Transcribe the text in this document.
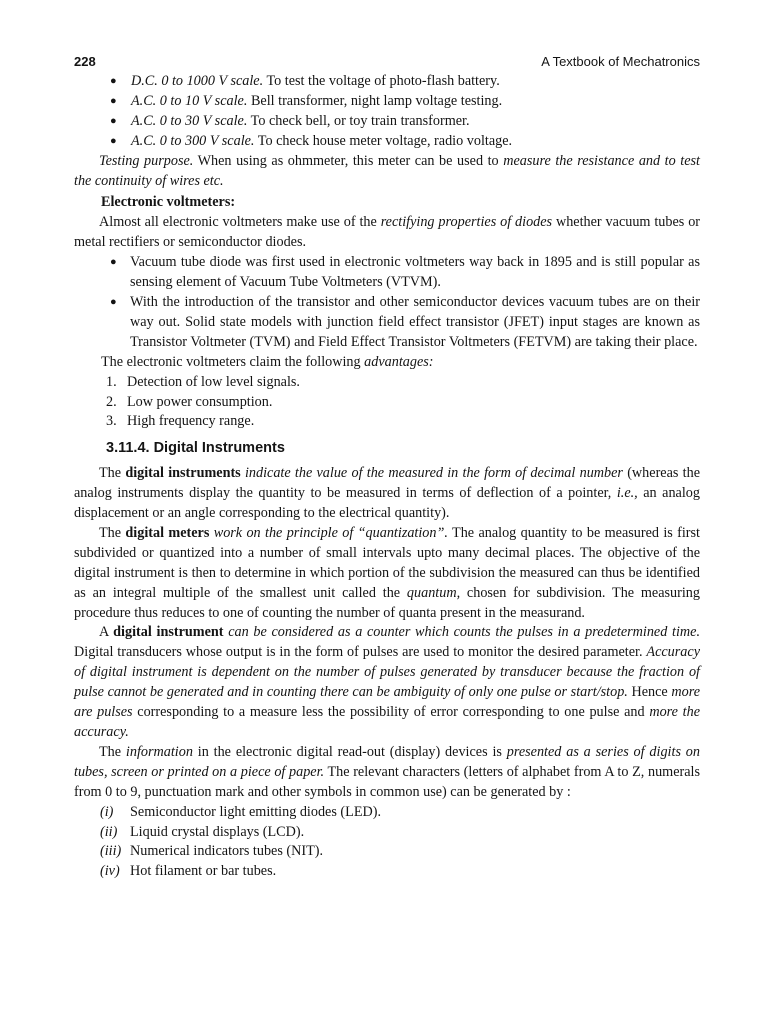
228	A Textbook of Mechatronics
● D.C. 0 to 1000 V scale. To test the voltage of photo-flash battery.
● A.C. 0 to 10 V scale. Bell transformer, night lamp voltage testing.
● A.C. 0 to 30 V scale. To check bell, or toy train transformer.
● A.C. 0 to 300 V scale. To check house meter voltage, radio voltage.

Testing purpose. When using as ohmmeter, this meter can be used to measure the resistance and to test the continuity of wires etc.

Electronic voltmeters:

Almost all electronic voltmeters make use of the rectifying properties of diodes whether vacuum tubes or metal rectifiers or semiconductor diodes.

● Vacuum tube diode was first used in electronic voltmeters way back in 1895 and is still popular as sensing element of Vacuum Tube Voltmeters (VTVM).
● With the introduction of the transistor and other semiconductor devices vacuum tubes are on their way out. Solid state models with junction field effect transistor (JFET) input stages are known as Transistor Voltmeter (TVM) and Field Effect Transistor Voltmeters (FETVM) are taking their place.

The electronic voltmeters claim the following advantages:

1. Detection of low level signals.
2. Low power consumption.
3. High frequency range.
3.11.4. Digital Instruments

The digital instruments indicate the value of the measured in the form of decimal number (whereas the analog instruments display the quantity to be measured in terms of deflection of a pointer, i.e., an analog displacement or an angle corresponding to the electrical quantity).

The digital meters work on the principle of “quantization”. The analog quantity to be measured is first subdivided or quantized into a number of small intervals upto many decimal places. The objective of the digital instrument is then to determine in which portion of the subdivision the measured can thus be identified as an integral multiple of the smallest unit called the quantum, chosen for subdivision. The measuring procedure thus reduces to one of counting the number of quanta present in the measurand.

A digital instrument can be considered as a counter which counts the pulses in a predetermined time. Digital transducers whose output is in the form of pulses are used to monitor the desired parameter. Accuracy of digital instrument is dependent on the number of pulses generated by transducer because the fraction of pulse cannot be generated and in counting there can be ambiguity of only one pulse or start/stop. Hence more are pulses corresponding to a measure less the possibility of error corresponding to one pulse and more the accuracy.

The information in the electronic digital read-out (display) devices is presented as a series of digits on tubes, screen or printed on a piece of paper. The relevant characters (letters of alphabet from A to Z, numerals from 0 to 9, punctuation mark and other symbols in common use) can be generated by :

(i) Semiconductor light emitting diodes (LED).
(ii) Liquid crystal displays (LCD).
(iii) Numerical indicators tubes (NIT).
(iv) Hot filament or bar tubes.
